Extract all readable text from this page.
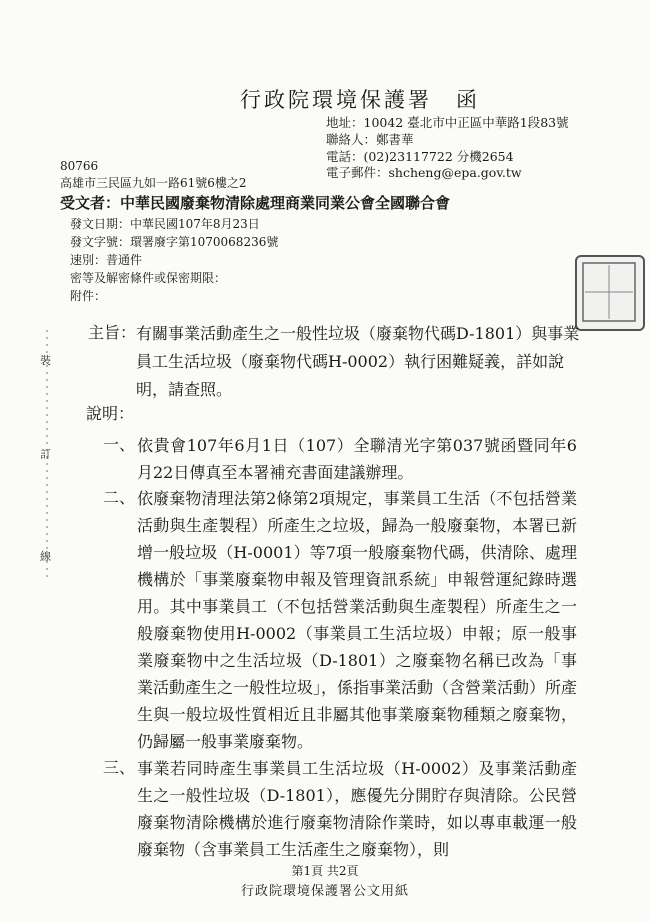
ﾠ
裝
訂
線
行政院環境保護署　函
地址：10042 臺北市中正區中華路1段83號
聯絡人：鄭書華
電話：(02)23117722 分機2654
電子郵件：shcheng@epa.gov.tw
80766
高雄市三民區九如一路61號6樓之2
受文者：中華民國廢棄物清除處理商業同業公會全國聯合會
發文日期：中華民國107年8月23日
發文字號：環署廢字第1070068236號
速別：普通件
密等及解密條件或保密期限：
附件：
主旨： 有關事業活動產生之一般性垃圾（廢棄物代碼D-1801）與事業員工生活垃圾（廢棄物代碼H-0002）執行困難疑義，詳如說明，請查照。
說明：
一、 依貴會107年6月1日（107）全聯清光字第037號函暨同年6月22日傳真至本署補充書面建議辦理。
二、 依廢棄物清理法第2條第2項規定，事業員工生活（不包括營業活動與生產製程）所產生之垃圾，歸為一般廢棄物，本署已新增一般垃圾（H-0001）等7項一般廢棄物代碼，供清除、處理機構於「事業廢棄物申報及管理資訊系統」申報營運紀錄時選用。其中事業員工（不包括營業活動與生產製程）所產生之一般廢棄物使用H-0002（事業員工生活垃圾）申報；原一般事業廢棄物中之生活垃圾（D-1801）之廢棄物名稱已改為「事業活動產生之一般性垃圾」，係指事業活動（含營業活動）所產生與一般垃圾性質相近且非屬其他事業廢棄物種類之廢棄物，仍歸屬一般事業廢棄物。
三、 事業若同時產生事業員工生活垃圾（H-0002）及事業活動產生之一般性垃圾（D-1801），應優先分開貯存與清除。公民營廢棄物清除機構於進行廢棄物清除作業時，如以專車載運一般廢棄物（含事業員工生活產生之廢棄物），則
第1頁 共2頁
行政院環境保護署公文用紙
